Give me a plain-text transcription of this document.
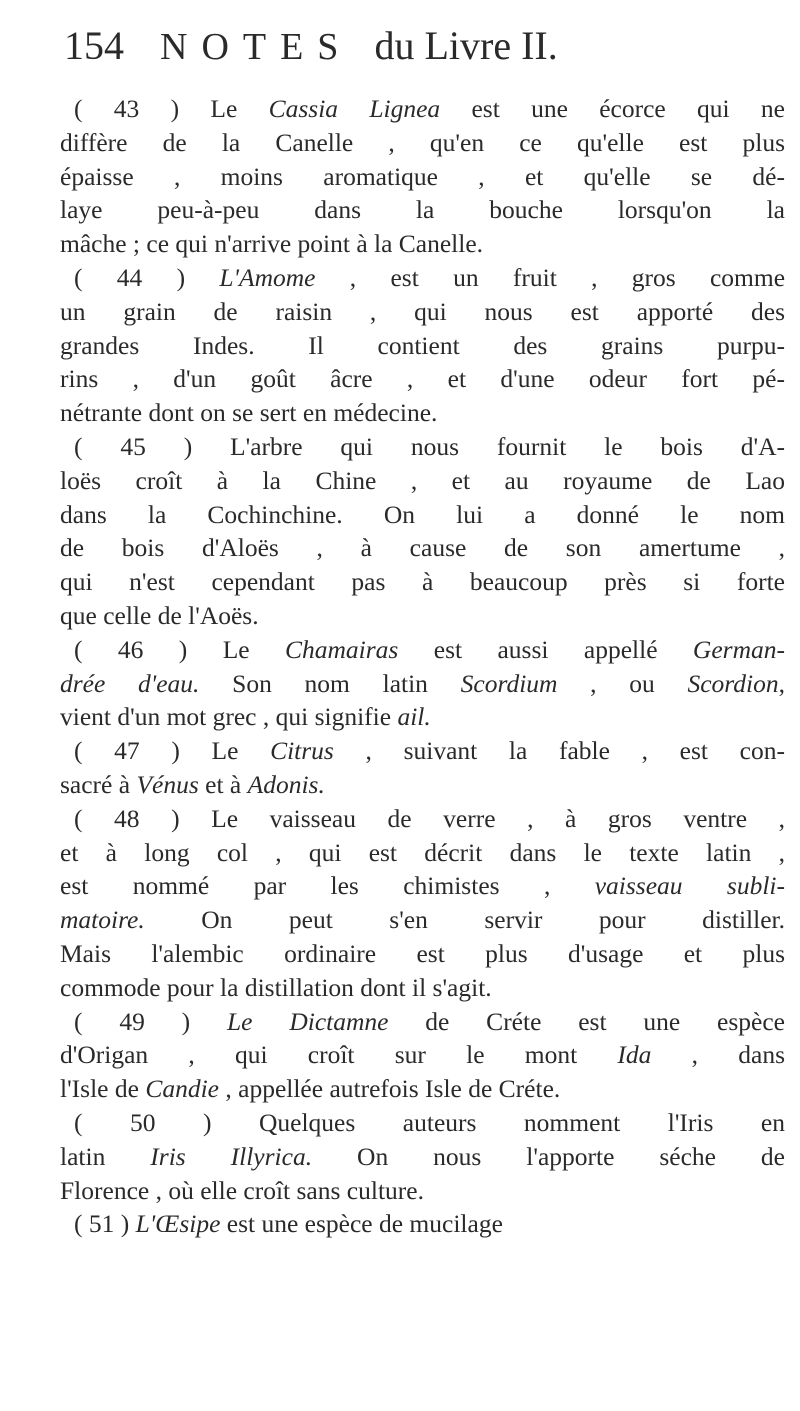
154 NOTES du Livre II.
( 43 ) Le Cassia Lignea est une écorce qui ne
diffère de la Canelle , qu'en ce qu'elle est plus
épaisse , moins aromatique , et qu'elle se dé-
laye peu-à-peu dans la bouche lorsqu'on la
mâche ; ce qui n'arrive point à la Canelle.
( 44 ) L'Amome , est un fruit , gros comme
un grain de raisin , qui nous est apporté des
grandes Indes. Il contient des grains purpu-
rins , d'un goût âcre , et d'une odeur fort pé-
nétrante dont on se sert en médecine.
( 45 ) L'arbre qui nous fournit le bois d'A-
loës croît à la Chine , et au royaume de Lao
dans la Cochinchine. On lui a donné le nom
de bois d'Aloës , à cause de son amertume ,
qui n'est cependant pas à beaucoup près si forte
que celle de l'Aoës.
( 46 ) Le Chamairas est aussi appellé German-
drée d'eau. Son nom latin Scordium , ou Scordion,
vient d'un mot grec , qui signifie ail.
( 47 ) Le Citrus , suivant la fable , est con-
sacré à Vénus et à Adonis.
( 48 ) Le vaisseau de verre , à gros ventre ,
et à long col , qui est décrit dans le texte latin ,
est nommé par les chimistes , vaisseau subli-
matoire. On peut s'en servir pour distiller.
Mais l'alembic ordinaire est plus d'usage et plus
commode pour la distillation dont il s'agit.
( 49 ) Le Dictamne de Créte est une espèce
d'Origan , qui croît sur le mont Ida , dans
l'Isle de Candie , appellée autrefois Isle de Créte.
( 50 ) Quelques auteurs nomment l'Iris en
latin Iris Illyrica. On nous l'apporte séche de
Florence , où elle croît sans culture.
( 51 ) L'Œsipe est une espèce de mucilage
